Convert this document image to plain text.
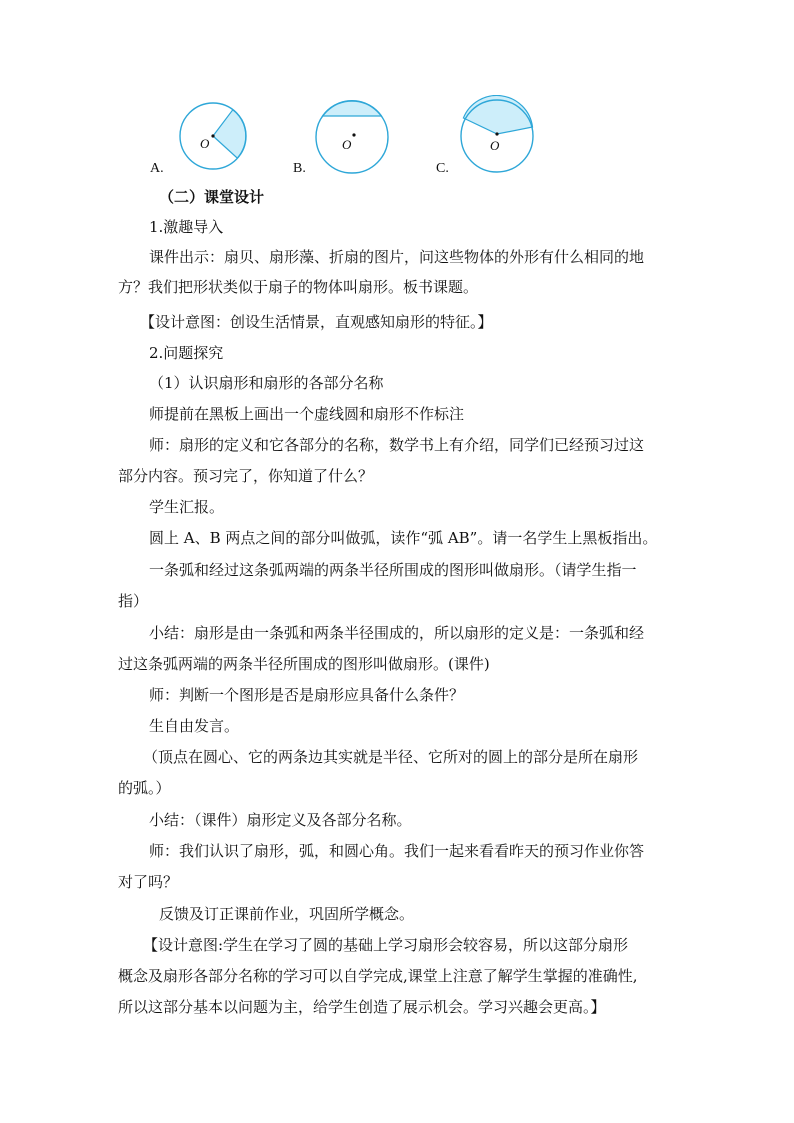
A.
O
B.
O
C.
O
（二）课堂设计
1.激趣导入
课件出示：扇贝、扇形藻、折扇的图片，问这些物体的外形有什么相同的地
方？我们把形状类似于扇子的物体叫扇形。板书课题。
【设计意图：创设生活情景，直观感知扇形的特征。】
2.问题探究
（1）认识扇形和扇形的各部分名称
师提前在黑板上画出一个虚线圆和扇形不作标注
师：扇形的定义和它各部分的名称，数学书上有介绍，同学们已经预习过这
部分内容。预习完了，你知道了什么？
学生汇报。
圆上 A、B 两点之间的部分叫做弧，读作“弧 AB”。请一名学生上黑板指出。
一条弧和经过这条弧两端的两条半径所围成的图形叫做扇形。（请学生指一
指）
小结：扇形是由一条弧和两条半径围成的，所以扇形的定义是：一条弧和经
过这条弧两端的两条半径所围成的图形叫做扇形。(课件)
师：判断一个图形是否是扇形应具备什么条件？
生自由发言。
（顶点在圆心、它的两条边其实就是半径、它所对的圆上的部分是所在扇形
的弧。）
小结：（课件）扇形定义及各部分名称。
师：我们认识了扇形，弧，和圆心角。我们一起来看看昨天的预习作业你答
对了吗？
反馈及订正课前作业，巩固所学概念。
【设计意图:学生在学习了圆的基础上学习扇形会较容易，所以这部分扇形
概念及扇形各部分名称的学习可以自学完成,课堂上注意了解学生掌握的准确性,
所以这部分基本以问题为主，给学生创造了展示机会。学习兴趣会更高。】
